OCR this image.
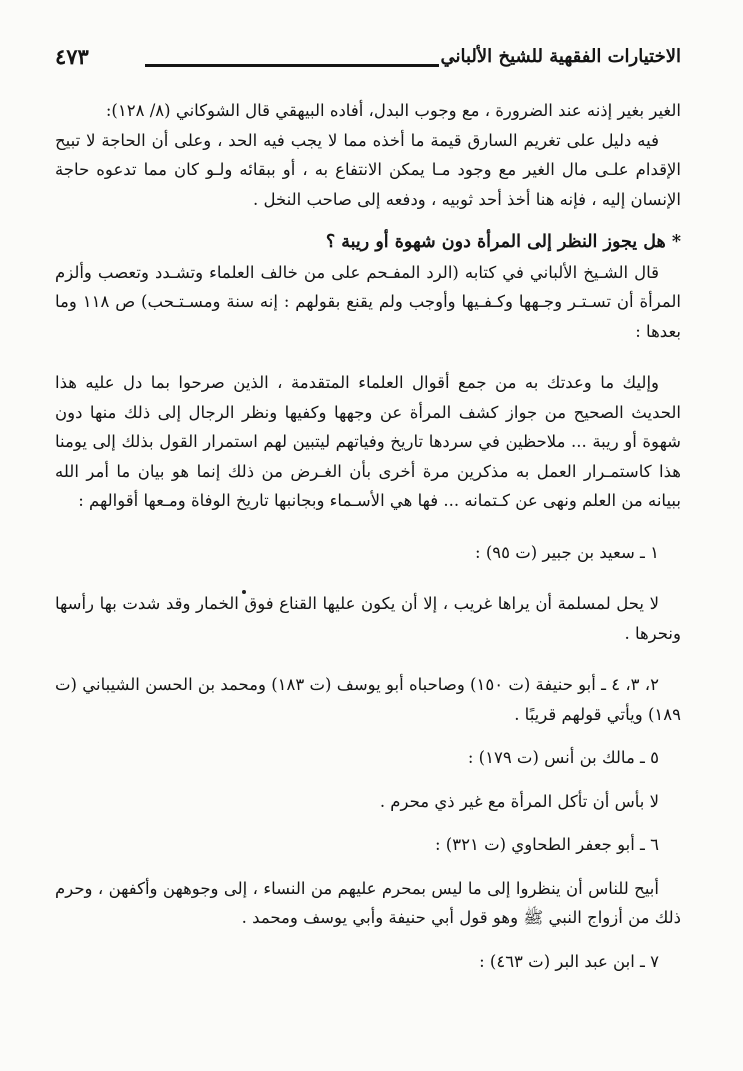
الاختيارات الفقهية للشيخ الألباني
٤٧٣

الغير بغير إذنه عند الضرورة ، مع وجوب البدل، أفاده البيهقي قال الشوكاني (٨/ ١٢٨):

فيه دليل على تغريم السارق قيمة ما أخذه مما لا يجب فيه الحد ، وعلى أن الحاجة لا تبيح الإقدام علـى مال الغير مع وجود مـا يمكن الانتفاع به ، أو ببقائه ولـو كان مما تدعوه حاجة الإنسان إليه ، فإنه هنا أخذ أحد ثوبيه ، ودفعه إلى صاحب النخل .

* هل يجوز النظر إلى المرأة دون شهوة أو ريبة ؟

قال الشـيخ الألباني في كتابه (الرد المفـحم على من خالف العلماء وتشـدد وتعصب وألزم المرأة أن تسـتـر وجـهها وكـفـيها وأوجب ولم يقنع بقولهم : إنه سنة ومسـتـحب) ص ١١٨ وما بعدها :

وإليك ما وعدتك به من جمع أقوال العلماء المتقدمة ، الذين صرحوا بما دل عليه هذا الحديث الصحيح من جواز كشف المرأة عن وجهها وكفيها ونظر الرجال إلى ذلك منها دون شهوة أو ريبة ... ملاحظين في سردها تاريخ وفياتهم ليتبين لهم استمرار القول بذلك إلى يومنا هذا كاستمـرار العمل به مذكرين مرة أخرى بأن الغـرض من ذلك إنما هو بيان ما أمر الله ببيانه من العلم ونهى عن كـتمانه ... فها هي الأسـماء وبجانبها تاريخ الوفاة ومـعها أقوالهم :

١ ـ سعيد بن جبير (ت ٩٥) :

لا يحل لمسلمة أن يراها غريب ، إلا أن يكون عليها القناع فوق الخمار وقد شدت بها رأسها ونحرها .

٢، ٣، ٤ ـ أبو حنيفة (ت ١٥٠) وصاحباه أبو يوسف (ت ١٨٣) ومحمد بن الحسن الشيباني (ت ١٨٩) ويأتي قولهم قريبًا .

٥ ـ مالك بن أنس (ت ١٧٩) :

لا بأس أن تأكل المرأة مع غير ذي محرم .

٦ ـ أبو جعفر الطحاوي (ت ٣٢١) :

أبيح للناس أن ينظروا إلى ما ليس بمحرم عليهم من النساء ، إلى وجوههن وأكفهن ، وحرم ذلك من أزواج النبي ﷺ وهو قول أبي حنيفة وأبي يوسف ومحمد .

٧ ـ ابن عبد البر (ت ٤٦٣) :
